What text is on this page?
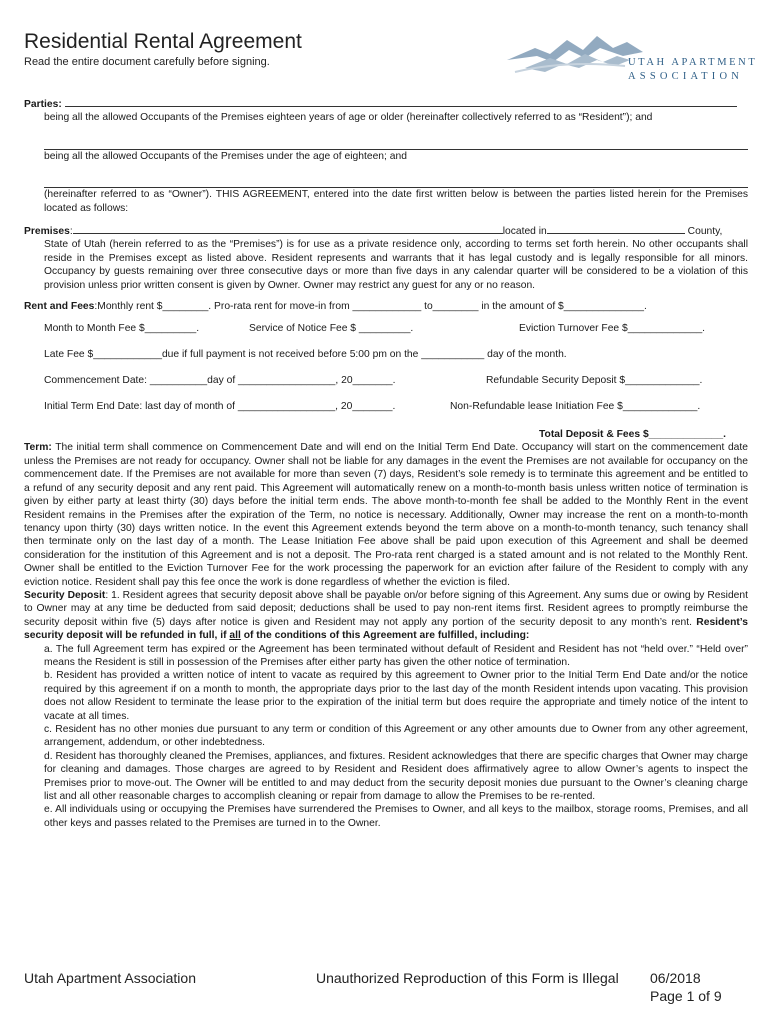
Residential Rental Agreement
Read the entire document carefully before signing.	UTAH APARTMENT
ASSOCIATION
Parties:
being all the allowed Occupants of the Premises eighteen years of age or older (hereinafter collectively referred to as “Resident”); and
being all the allowed Occupants of the Premises under the age of eighteen; and
(hereinafter referred to as “Owner”). THIS AGREEMENT, entered into the date first written below is between the parties listed herein for the Premises located as follows:
Premises:	located in	County,
State of Utah (herein referred to as the “Premises”) is for use as a private residence only, according to terms set forth herein. No other occupants shall reside in the Premises except as listed above. Resident represents and warrants that it has legal custody and is legally responsible for all minors. Occupancy by guests remaining over three consecutive days or more than five days in any calendar quarter will be considered to be a violation of this provision unless prior written consent is given by Owner. Owner may restrict any guest for any or no reason.
Rent and Fees:Monthly rent $________. Pro-rata rent for move-in from ____________ to________ in the amount of $______________.
Month to Month Fee $_________.	Service of Notice Fee $ _________.	Eviction Turnover Fee $_____________.
Late Fee $____________due if full payment is not received before 5:00 pm on the ___________ day of the month.
Commencement Date: __________day of _________________, 20_______.	Refundable Security Deposit $_____________.
Initial Term End Date: last day of month of _________________, 20_______.	Non-Refundable lease Initiation Fee $_____________.
Total Deposit & Fees $_____________.
Term: The initial term shall commence on Commencement Date and will end on the Initial Term End Date. Occupancy will start on the commencement date unless the Premises are not ready for occupancy. Owner shall not be liable for any damages in the event the Premises are not available for occupancy on the commencement date. If the Premises are not available for more than seven (7) days, Resident’s sole remedy is to terminate this agreement and be entitled to a refund of any security deposit and any rent paid. This Agreement will automatically renew on a month-to-month basis unless written notice of termination is given by either party at least thirty (30) days before the initial term ends. The above month-to-month fee shall be added to the Monthly Rent in the event Resident remains in the Premises after the expiration of the Term, no notice is necessary. Additionally, Owner may increase the rent on a month-to-month tenancy upon thirty (30) days written notice. In the event this Agreement extends beyond the term above on a month-to-month tenancy, such tenancy shall then terminate only on the last day of a month. The Lease Initiation Fee above shall be paid upon execution of this Agreement and shall be deemed consideration for the institution of this Agreement and is not a deposit. The Pro-rata rent charged is a stated amount and is not related to the Monthly Rent. Owner shall be entitled to the Eviction Turnover Fee for the work processing the paperwork for an eviction after failure of the Resident to comply with any eviction notice. Resident shall pay this fee once the work is done regardless of whether the eviction is filed.
Security Deposit: 1. Resident agrees that security deposit above shall be payable on/or before signing of this Agreement. Any sums due or owing by Resident to Owner may at any time be deducted from said deposit; deductions shall be used to pay non-rent items first. Resident agrees to promptly reimburse the security deposit within five (5) days after notice is given and Resident may not apply any portion of the security deposit to any month’s rent. Resident’s security deposit will be refunded in full, if all of the conditions of this Agreement are fulfilled, including:
a. The full Agreement term has expired or the Agreement has been terminated without default of Resident and Resident has not “held over.” “Held over” means the Resident is still in possession of the Premises after either party has given the other notice of termination.
b. Resident has provided a written notice of intent to vacate as required by this agreement to Owner prior to the Initial Term End Date and/or the notice required by this agreement if on a month to month, the appropriate days prior to the last day of the month Resident intends upon vacating. This provision does not allow Resident to terminate the lease prior to the expiration of the initial term but does require the appropriate and timely notice of the intent to vacate at all times.
c. Resident has no other monies due pursuant to any term or condition of this Agreement or any other amounts due to Owner from any other agreement, arrangement, addendum, or other indebtedness.
d. Resident has thoroughly cleaned the Premises, appliances, and fixtures. Resident acknowledges that there are specific charges that Owner may charge for cleaning and damages. Those charges are agreed to by Resident and Resident does affirmatively agree to allow Owner’s agents to inspect the Premises prior to move-out. The Owner will be entitled to and may deduct from the security deposit monies due pursuant to the Owner’s cleaning charge list and all other reasonable charges to accomplish cleaning or repair from damage to allow the Premises to be re-rented.
e. All individuals using or occupying the Premises have surrendered the Premises to Owner, and all keys to the mailbox, storage rooms, Premises, and all other keys and passes related to the Premises are turned in to the Owner.
Utah Apartment Association	Unauthorized Reproduction of this Form is Illegal 06/2018
Page 1 of 9
